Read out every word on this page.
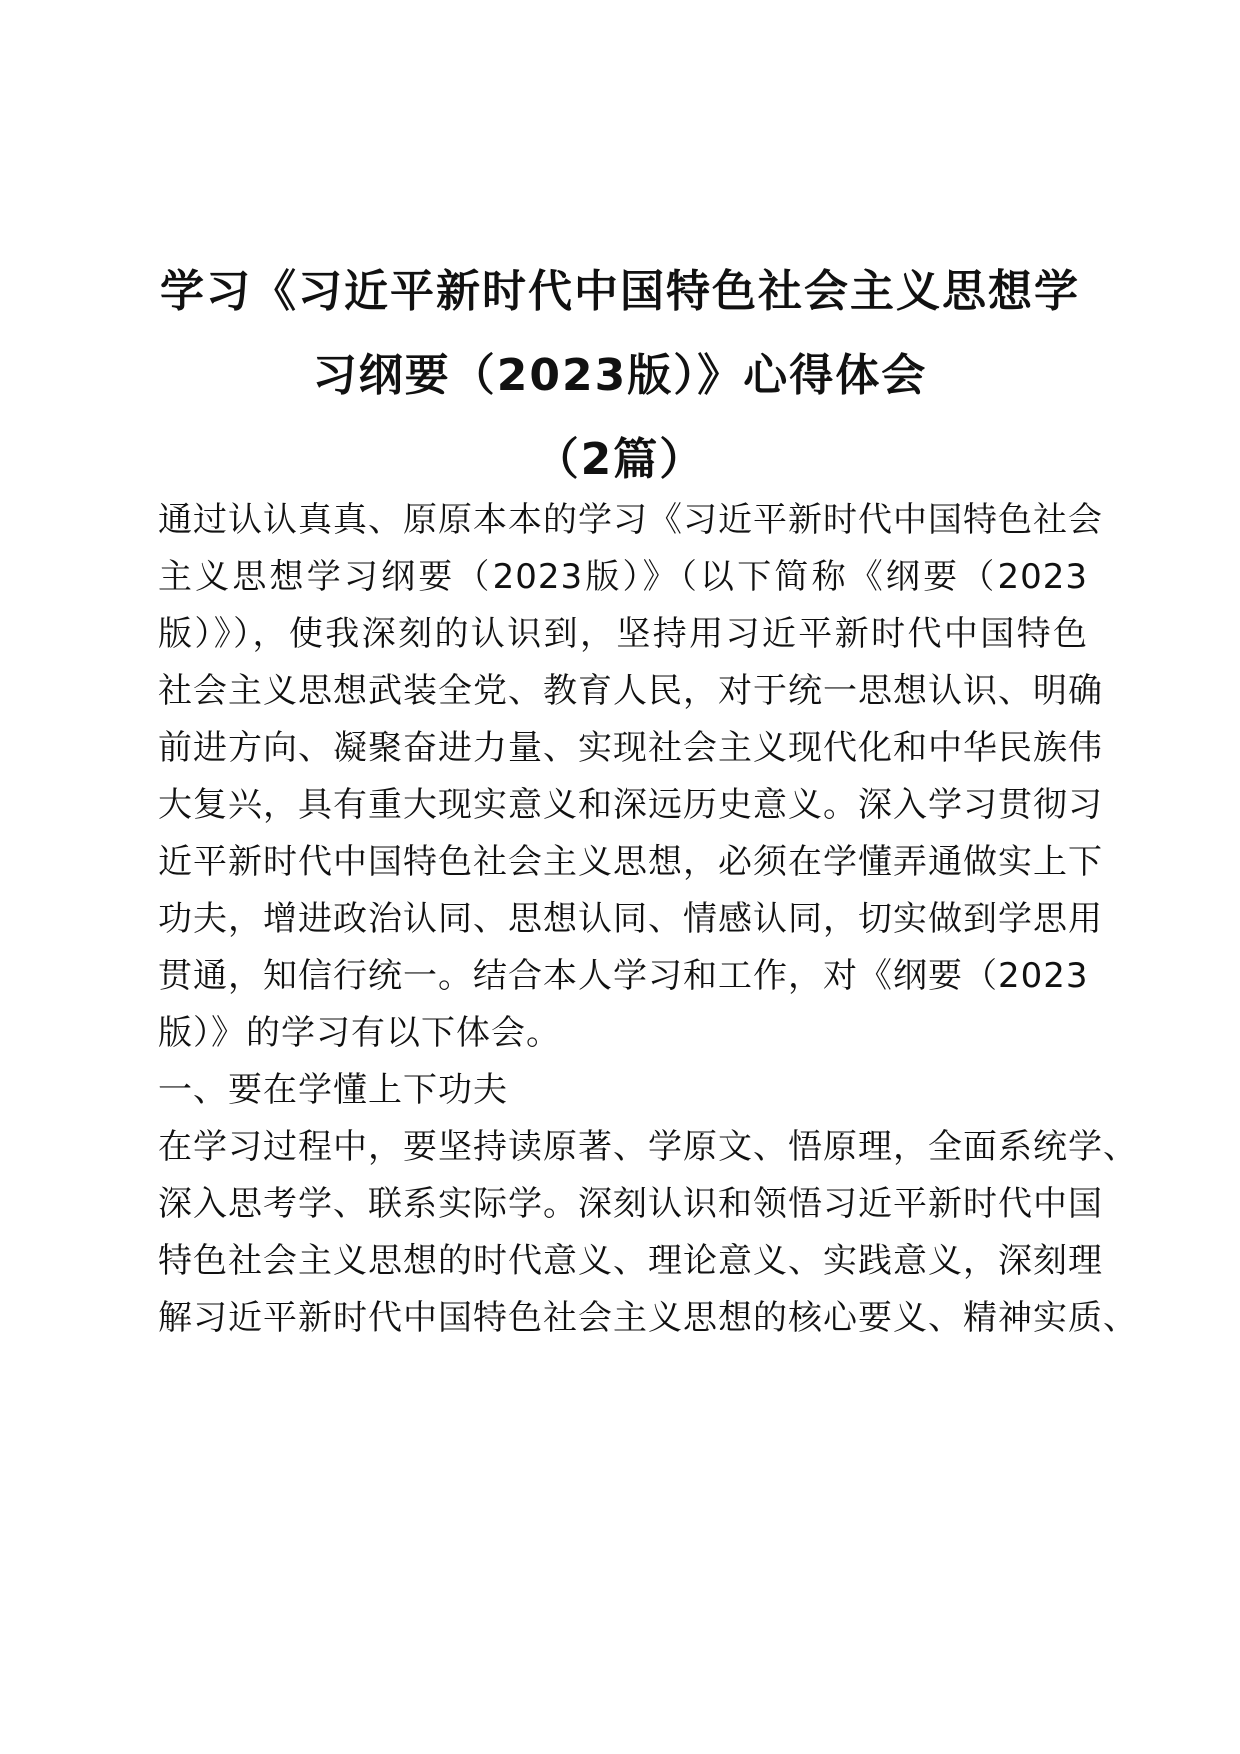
学习《习近平新时代中国特色社会主义思想学
习纲要（2023版）》心得体会
（2篇）
通过认认真真、原原本本的学习《习近平新时代中国特色社会
主义思想学习纲要（2023版）》（以下简称《纲要（2023
版）》），使我深刻的认识到，坚持用习近平新时代中国特色
社会主义思想武装全党、教育人民，对于统一思想认识、明确
前进方向、凝聚奋进力量、实现社会主义现代化和中华民族伟
大复兴，具有重大现实意义和深远历史意义。深入学习贯彻习
近平新时代中国特色社会主义思想，必须在学懂弄通做实上下
功夫，增进政治认同、思想认同、情感认同，切实做到学思用
贯通，知信行统一。结合本人学习和工作，对《纲要（2023
版）》的学习有以下体会。
一、要在学懂上下功夫
在学习过程中，要坚持读原著、学原文、悟原理，全面系统学、
深入思考学、联系实际学。深刻认识和领悟习近平新时代中国
特色社会主义思想的时代意义、理论意义、实践意义，深刻理
解习近平新时代中国特色社会主义思想的核心要义、精神实质、
